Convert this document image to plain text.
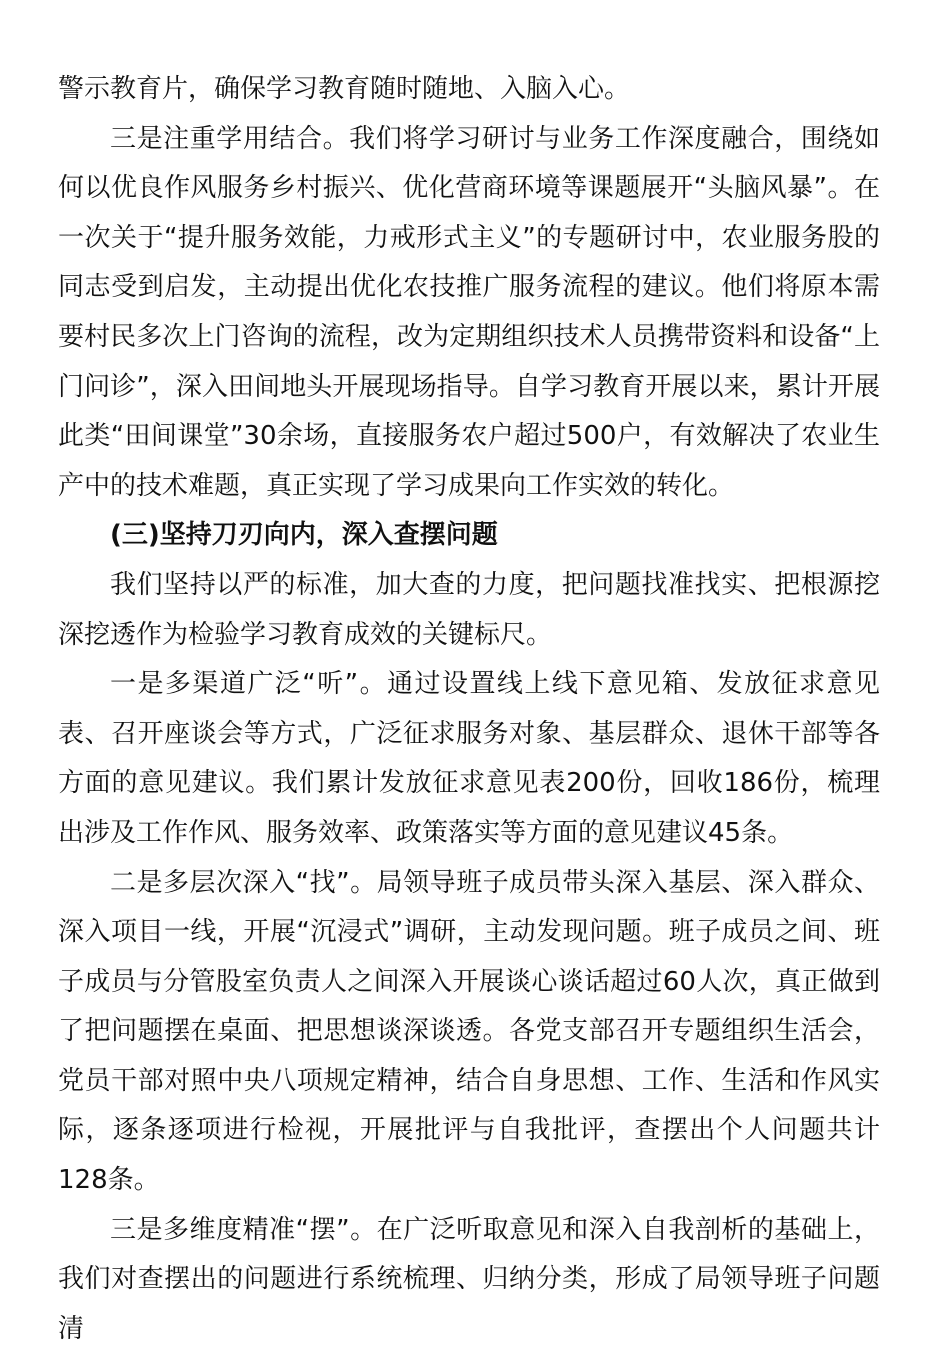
警示教育片，确保学习教育随时随地、入脑入心。

三是注重学用结合。我们将学习研讨与业务工作深度融合，围绕如何以优良作风服务乡村振兴、优化营商环境等课题展开“头脑风暴”。在一次关于“提升服务效能，力戒形式主义”的专题研讨中，农业服务股的同志受到启发，主动提出优化农技推广服务流程的建议。他们将原本需要村民多次上门咨询的流程，改为定期组织技术人员携带资料和设备“上门问诊”，深入田间地头开展现场指导。自学习教育开展以来，累计开展此类“田间课堂”30余场，直接服务农户超过500户，有效解决了农业生产中的技术难题，真正实现了学习成果向工作实效的转化。

(三)坚持刀刃向内，深入查摆问题

我们坚持以严的标准，加大查的力度，把问题找准找实、把根源挖深挖透作为检验学习教育成效的关键标尺。

一是多渠道广泛“听”。通过设置线上线下意见箱、发放征求意见表、召开座谈会等方式，广泛征求服务对象、基层群众、退休干部等各方面的意见建议。我们累计发放征求意见表200份，回收186份，梳理出涉及工作作风、服务效率、政策落实等方面的意见建议45条。

二是多层次深入“找”。局领导班子成员带头深入基层、深入群众、深入项目一线，开展“沉浸式”调研，主动发现问题。班子成员之间、班子成员与分管股室负责人之间深入开展谈心谈话超过60人次，真正做到了把问题摆在桌面、把思想谈深谈透。各党支部召开专题组织生活会，党员干部对照中央八项规定精神，结合自身思想、工作、生活和作风实际，逐条逐项进行检视，开展批评与自我批评，查摆出个人问题共计128条。

三是多维度精准“摆”。在广泛听取意见和深入自我剖析的基础上，我们对查摆出的问题进行系统梳理、归纳分类，形成了局领导班子问题清
